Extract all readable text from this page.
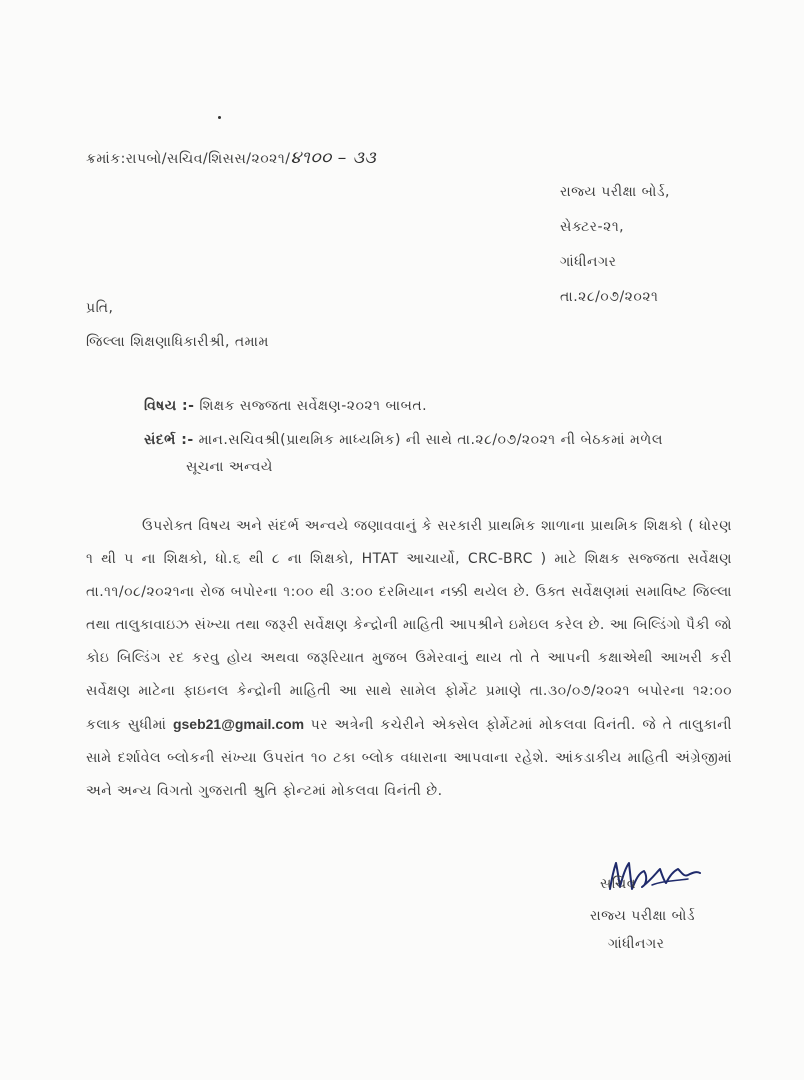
ક્રમાંક:રાપબો/સચિવ/શિસસ/૨૦૨૧/૪૧૦૦ – ૩૩
રાજ્ય પરીક્ષા બોર્ડ,
સેક્ટર-૨૧,
ગાંધીનગર
તા.૨૮/૦૭/૨૦૨૧
પ્રતિ,
જિલ્લા શિક્ષણાધિકારીશ્રી, તમામ
વિષય :- શિક્ષક સજ્જતા સર્વેક્ષણ-૨૦૨૧ બાબત.
સંદર્ભ :- માન.સચિવશ્રી(પ્રાથમિક માધ્યમિક) ની સાથે તા.૨૮/૦૭/૨૦૨૧ ની બેઠકમાં મળેલ
સૂચના અન્વયે

ઉપરોક્ત વિષય અને સંદર્ભ અન્વયે જણાવવાનું કે સરકારી પ્રાથમિક શાળાના પ્રાથમિક શિક્ષકો ( ધોરણ ૧ થી ૫ ના શિક્ષકો, ધો.૬ થી ૮ ના શિક્ષકો, HTAT આચાર્યો, CRC-BRC ) માટે શિક્ષક સજ્જતા સર્વેક્ષણ તા.૧૧/૦૮/૨૦૨૧ના રોજ બપોરના ૧:૦૦ થી ૩:૦૦ દરમિયાન નક્કી થયેલ છે. ઉક્ત સર્વેક્ષણમાં સમાવિષ્ટ જિલ્લા તથા તાલુકાવાઇઝ સંખ્યા તથા જરૂરી સર્વેક્ષણ કેન્દ્રોની માહિતી આપશ્રીને ઇમેઇલ કરેલ છે. આ બિલ્ડિંગો પૈકી જો કોઇ બિલ્ડિંગ રદ કરવુ હોય અથવા જરૂરિયાત મુજબ ઉમેરવાનું થાય તો તે આપની કક્ષાએથી આખરી કરી સર્વેક્ષણ માટેના ફાઇનલ કેન્દ્રોની માહિતી આ સાથે સામેલ ફોર્મેટ પ્રમાણે તા.૩૦/૦૭/૨૦૨૧ બપોરના ૧૨:૦૦ કલાક સુધીમાં gseb21@gmail.com પર અત્રેની કચેરીને એક્સેલ ફોર્મેટમાં મોકલવા વિનંતી. જે તે તાલુકાની સામે દર્શાવેલ બ્લોકની સંખ્યા ઉપરાંત ૧૦ ટકા બ્લોક વધારાના આપવાના રહેશે. આંકડાકીય માહિતી અંગ્રેજીમાં અને અન્ય વિગતો ગુજરાતી શ્રુતિ ફોન્ટમાં મોકલવા વિનંતી છે.

સચિવ
રાજ્ય પરીક્ષા બોર્ડ
ગાંધીનગર
